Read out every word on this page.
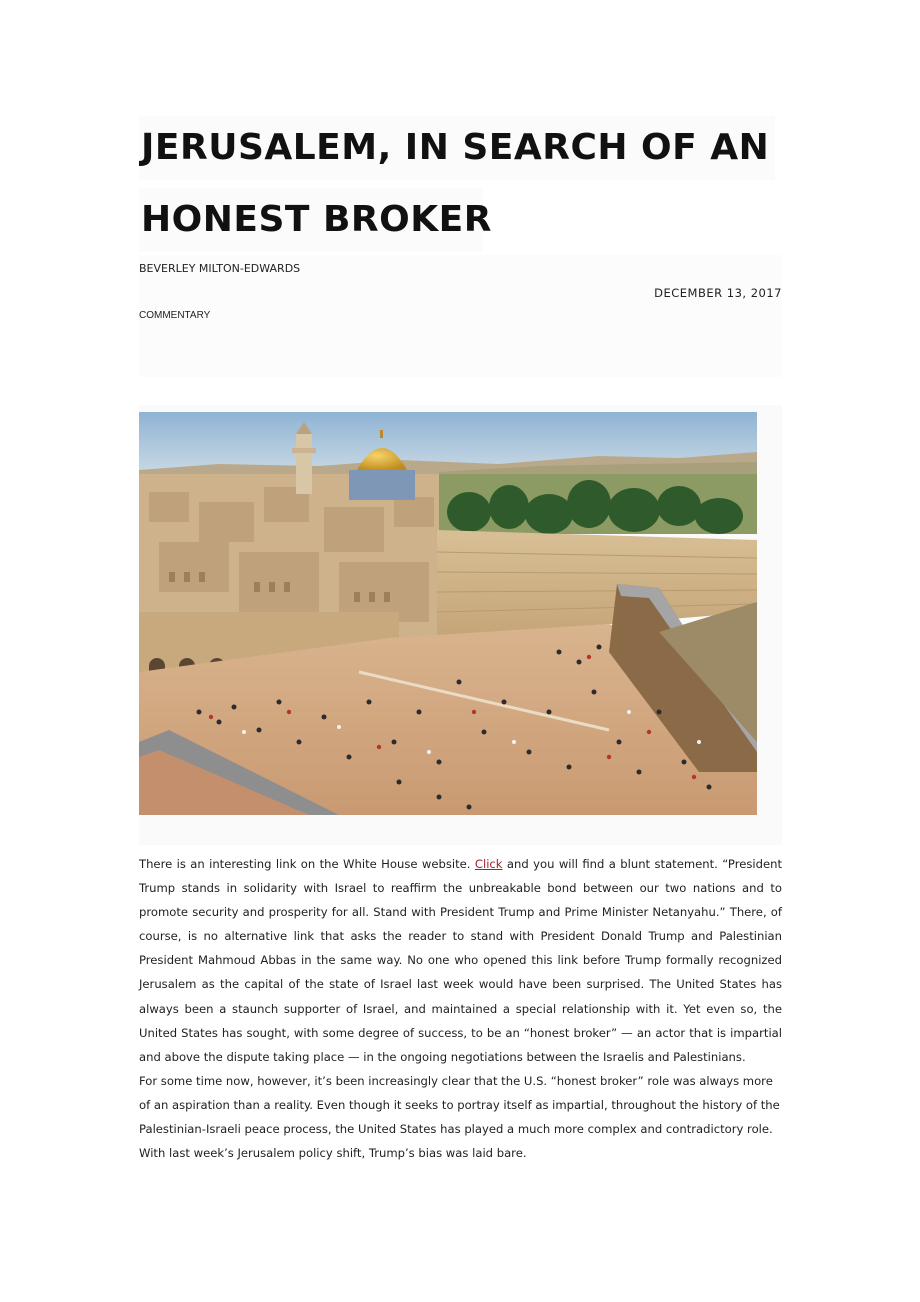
JERUSALEM, IN SEARCH OF AN
HONEST BROKER
BEVERLEY MILTON-EDWARDS
DECEMBER 13, 2017
COMMENTARY

There is an interesting link on the White House website. Click and you will find a blunt statement. “President Trump stands in solidarity with Israel to reaffirm the unbreakable bond between our two nations and to promote security and prosperity for all. Stand with President Trump and Prime Minister Netanyahu.” There, of course, is no alternative link that asks the reader to stand with President Donald Trump and Palestinian President Mahmoud Abbas in the same way. No one who opened this link before Trump formally recognized Jerusalem as the capital of the state of Israel last week would have been surprised. The United States has always been a staunch supporter of Israel, and maintained a special relationship with it. Yet even so, the United States has sought, with some degree of success, to be an “honest broker” — an actor that is impartial and above the dispute taking place — in the ongoing negotiations between the Israelis and Palestinians.

For some time now, however, it’s been increasingly clear that the U.S. “honest broker” role was always more of an aspiration than a reality. Even though it seeks to portray itself as impartial, throughout the history of the Palestinian-Israeli peace process, the United States has played a much more complex and contradictory role. With last week’s Jerusalem policy shift, Trump’s bias was laid bare.
